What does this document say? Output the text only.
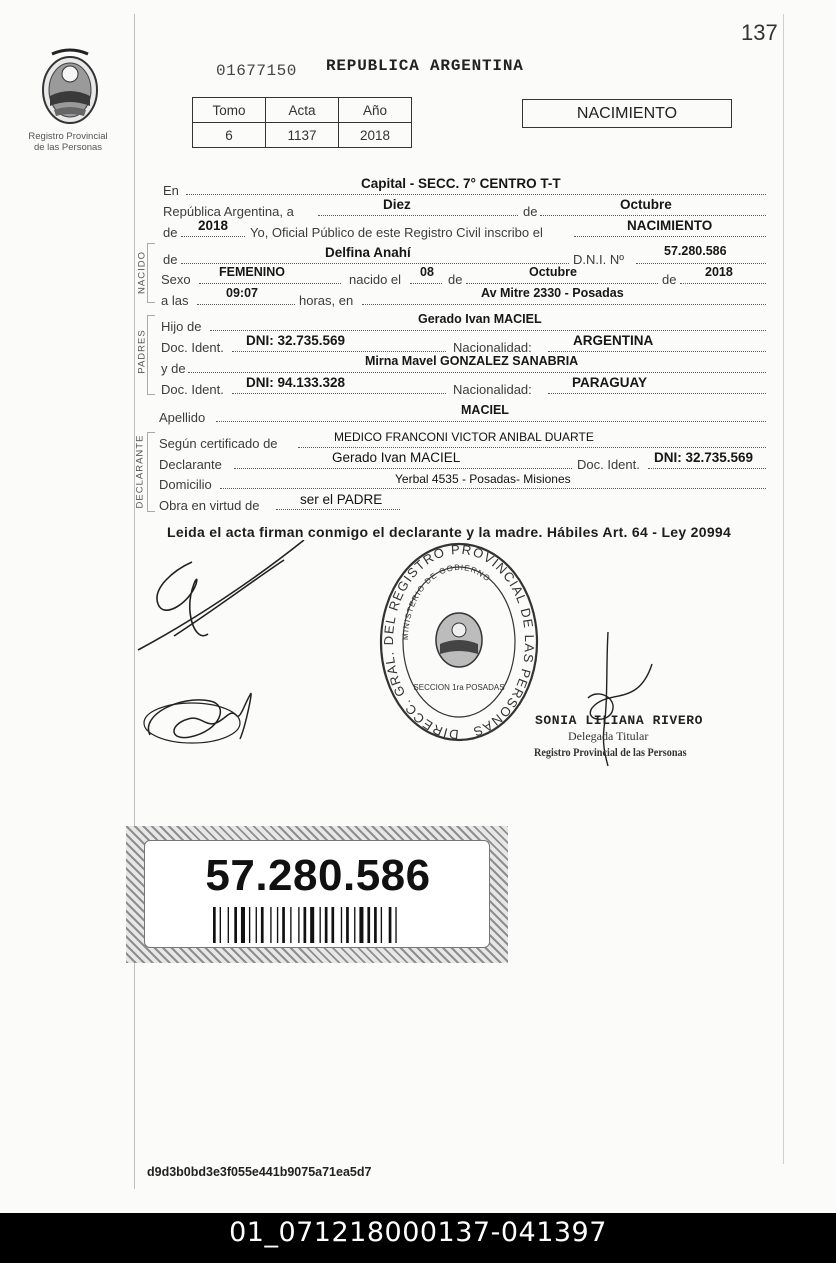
137
Registro Provincial
de las Personas
01677150 REPUBLICA ARGENTINA
Tomo	Acta	Año
6	1137	2018
NACIMIENTO
En	Capital - SECC. 7° CENTRO T-T
República Argentina, a	Diez	de	Octubre
de 2018 Yo, Oficial Público de este Registro Civil inscribo el	NACIMIENTO
NACIDO de	Delfina Anahí	D.N.I. Nº
57.280.586
Sexo FEMENINO	nacido el 08 de	Octubre	de 2018
a las	09:07	horas, en	Av Mitre 2330 - Posadas
PADRES
Hijo de	Gerado Ivan MACIEL
Doc. Ident. DNI: 32.735.569	Nacionalidad:	ARGENTINA
y de	Mirna Mavel GONZALEZ SANABRIA
Doc. Ident. DNI: 94.133.328	Nacionalidad:	PARAGUAY
Apellido	MACIEL
DECLARANTE Según certificado de	MEDICO FRANCONI VICTOR ANIBAL DUARTE
Declarante	Gerado Ivan MACIEL	Doc. Ident. DNI: 32.735.569
Domicilio	Yerbal 4535 - Posadas- Misiones
Obra en virtud de	ser el PADRE
Leida el acta firman conmigo el declarante y la madre. Hábiles Art. 64 - Ley 20994
DIRECC. GRAL. DEL REGISTRO PROVINCIAL DE LAS PERSONAS
MINISTERIO DE GOBIERNO
SECCION 1ra POSADAS
SONIA LILIANA RIVERO
Delegada Titular
Registro Provincial de las Personas
57.280.586
d9d3b0bd3e3f055e441b9075a71ea5d7
01_071218000137-041397
